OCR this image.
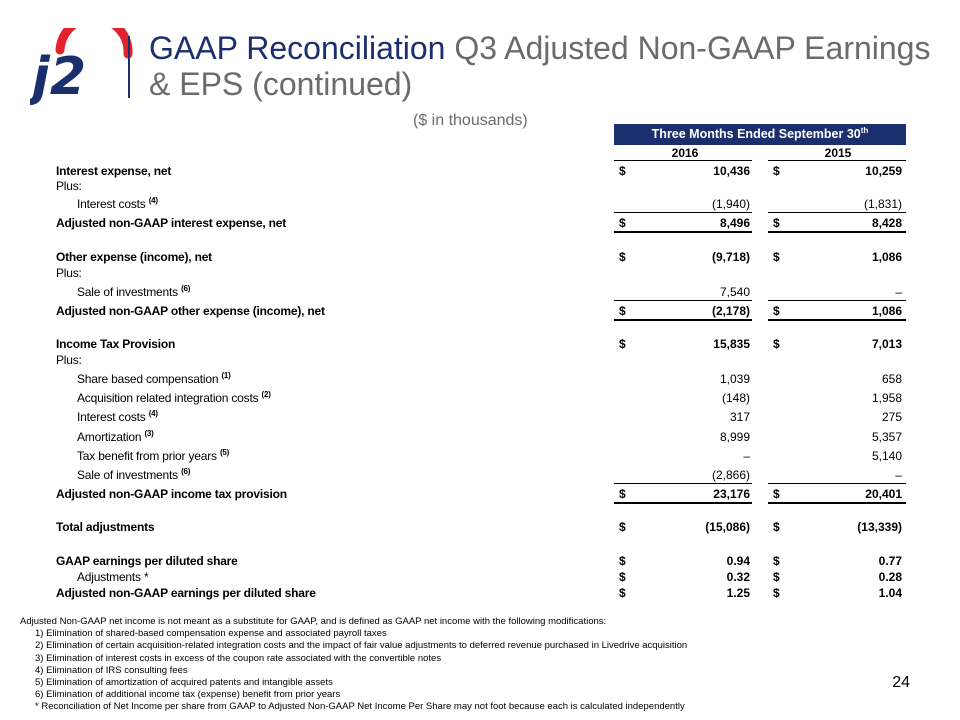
j2 GAAP Reconciliation Q3 Adjusted Non-GAAP Earnings & EPS (continued)
($ in thousands)
Three Months Ended September 30th
2016	2015
Interest expense, net	$	10,436 $	10,259
Plus:
Interest costs $^{(4)}$	(1,940)	(1,831)
Adjusted non-GAAP interest expense, net	$	8,496 $	8,428
Other expense (income), net	$	(9,718) $	1,086
Plus:
Sale of investments $^{(6)}$	7,540	–
Adjusted non-GAAP other expense (income), net	$	(2,178) $	1,086
Income Tax Provision	$	15,835 $	7,013
Plus:
Share based compensation $^{(1)}$	1,039	658
Acquisition related integration costs $^{(2)}$	(148)	1,958
Interest costs $^{(4)}$	317	275
Amortization $^{(3)}$	8,999	5,357
Tax benefit from prior years $^{(5)}$	–	5,140
Sale of investments $^{(6)}$	(2,866)	–
Adjusted non-GAAP income tax provision	$	23,176 $	20,401
Total adjustments	$	(15,086) $	(13,339)
GAAP earnings per diluted share	$	0.94 $	0.77
Adjustments *	$	0.32 $	0.28
Adjusted non-GAAP earnings per diluted share	$	1.25 $	1.04
Adjusted Non-GAAP net income is not meant as a substitute for GAAP, and is defined as GAAP net income with the following modifications:
1) Elimination of shared-based compensation expense and associated payroll taxes
2) Elimination of certain acquisition-related integration costs and the impact of fair value adjustments to deferred revenue purchased in Livedrive acquisition
3) Elimination of interest costs in excess of the coupon rate associated with the convertible notes
4) Elimination of IRS consulting fees
5) Elimination of amortization of acquired patents and intangible assets
6) Elimination of additional income tax (expense) benefit from prior years
* Reconciliation of Net Income per share from GAAP to Adjusted Non-GAAP Net Income Per Share may not foot because each is calculated independently
24
